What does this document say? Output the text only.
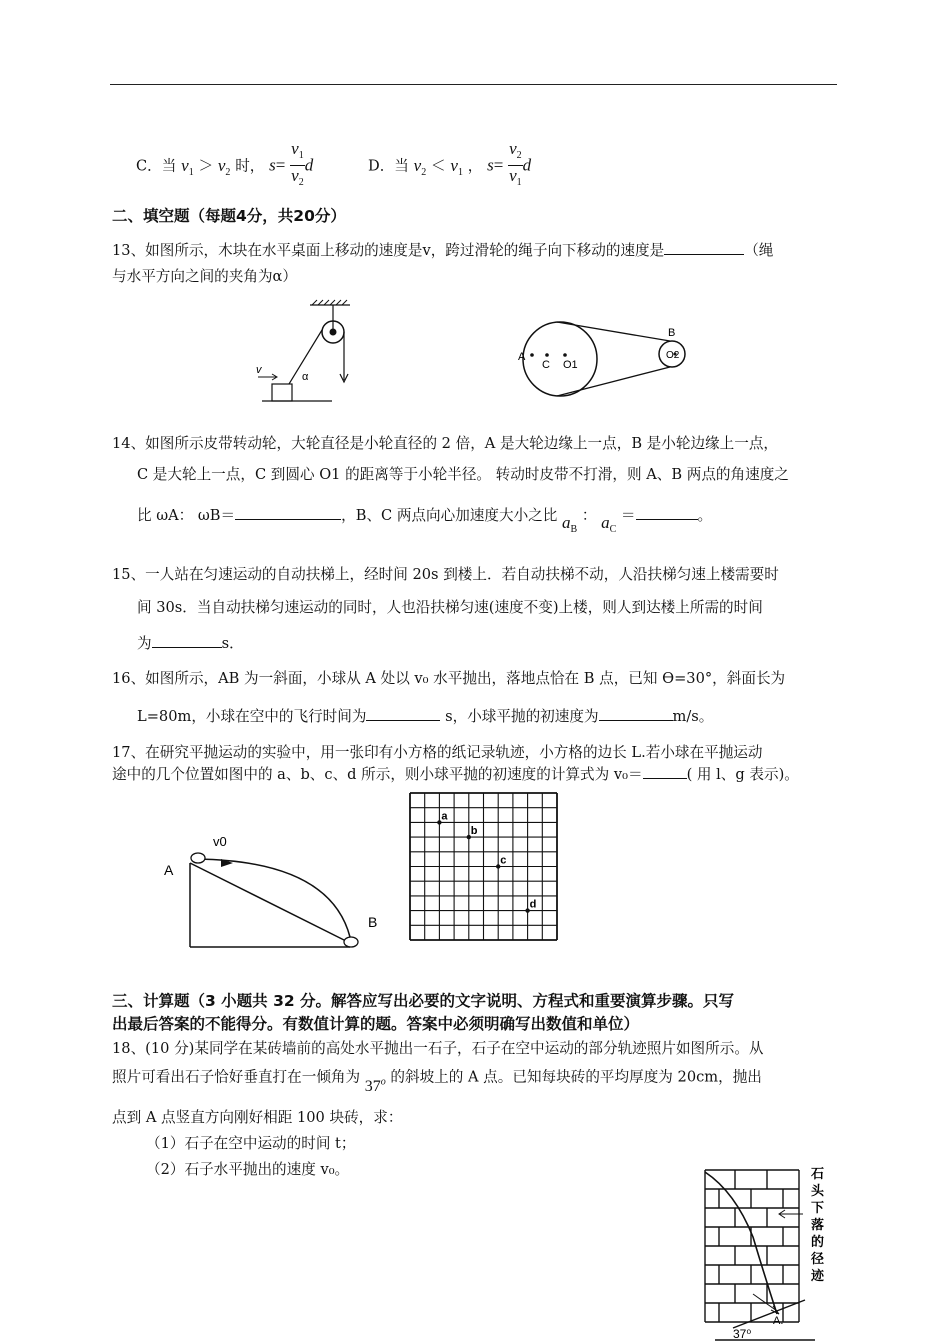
C．当 $v_1 > v_2$ 时， $s= \frac{v_1}{v_2}$ d	D．当 $v_2 < v_1$ ， $s= \frac{v_2}{v_1}$ d
二、填空题（每题4分，共20分）
13、如图所示，木块在水平桌面上移动的速度是v，跨过滑轮的绳子向下移动的速度是	（绳
与水平方向之间的夹角为α）
v
α
A
C O1
B
O2
14、如图所示皮带转动轮，大轮直径是小轮直径的 2 倍，A 是大轮边缘上一点，B 是小轮边缘上一点，
C 是大轮上一点，C 到圆心 O1 的距离等于小轮半径。 转动时皮带不打滑，则 A、B 两点的角速度之
比 ωA： ωB＝	，B、C 两点向心加速度大小之比 $a_B$ ： $a_C$ ＝	。
15、一人站在匀速运动的自动扶梯上，经时间 20s 到楼上．若自动扶梯不动，人沿扶梯匀速上楼需要时
间 30s．当自动扶梯匀速运动的同时，人也沿扶梯匀速(速度不变)上楼，则人到达楼上所需的时间
为	s．
16、如图所示，AB 为一斜面，小球从 A 处以 v₀ 水平抛出，落地点恰在 B 点，已知 ϴ=30°，斜面长为
L=80m，小球在空中的飞行时间为	s，小球平抛的初速度为	m/s。
17、在研究平抛运动的实验中，用一张印有小方格的纸记录轨迹，小方格的边长 L.若小球在平抛运动
途中的几个位置如图中的 a、b、c、d 所示，则小球平抛的初速度的计算式为 v₀＝	( 用 l、g 表示)。
v0
A
B
a
b
c
d
三、计算题（3 小题共 32 分。解答应写出必要的文字说明、方程式和重要演算步骤。只写
出最后答案的不能得分。有数值计算的题。答案中必须明确写出数值和单位）
18、(10 分)某同学在某砖墙前的高处水平抛出一石子，石子在空中运动的部分轨迹照片如图所示。从
照片可看出石子恰好垂直打在一倾角为 37$^o$ 的斜坡上的 A 点。已知每块砖的平均厚度为 20cm，抛出
点到 A 点竖直方向刚好相距 100 块砖，求：
（1）石子在空中运动的时间 t；
（2）石子水平抛出的速度 v₀。
A.
37⁰
石头下落的径迹
